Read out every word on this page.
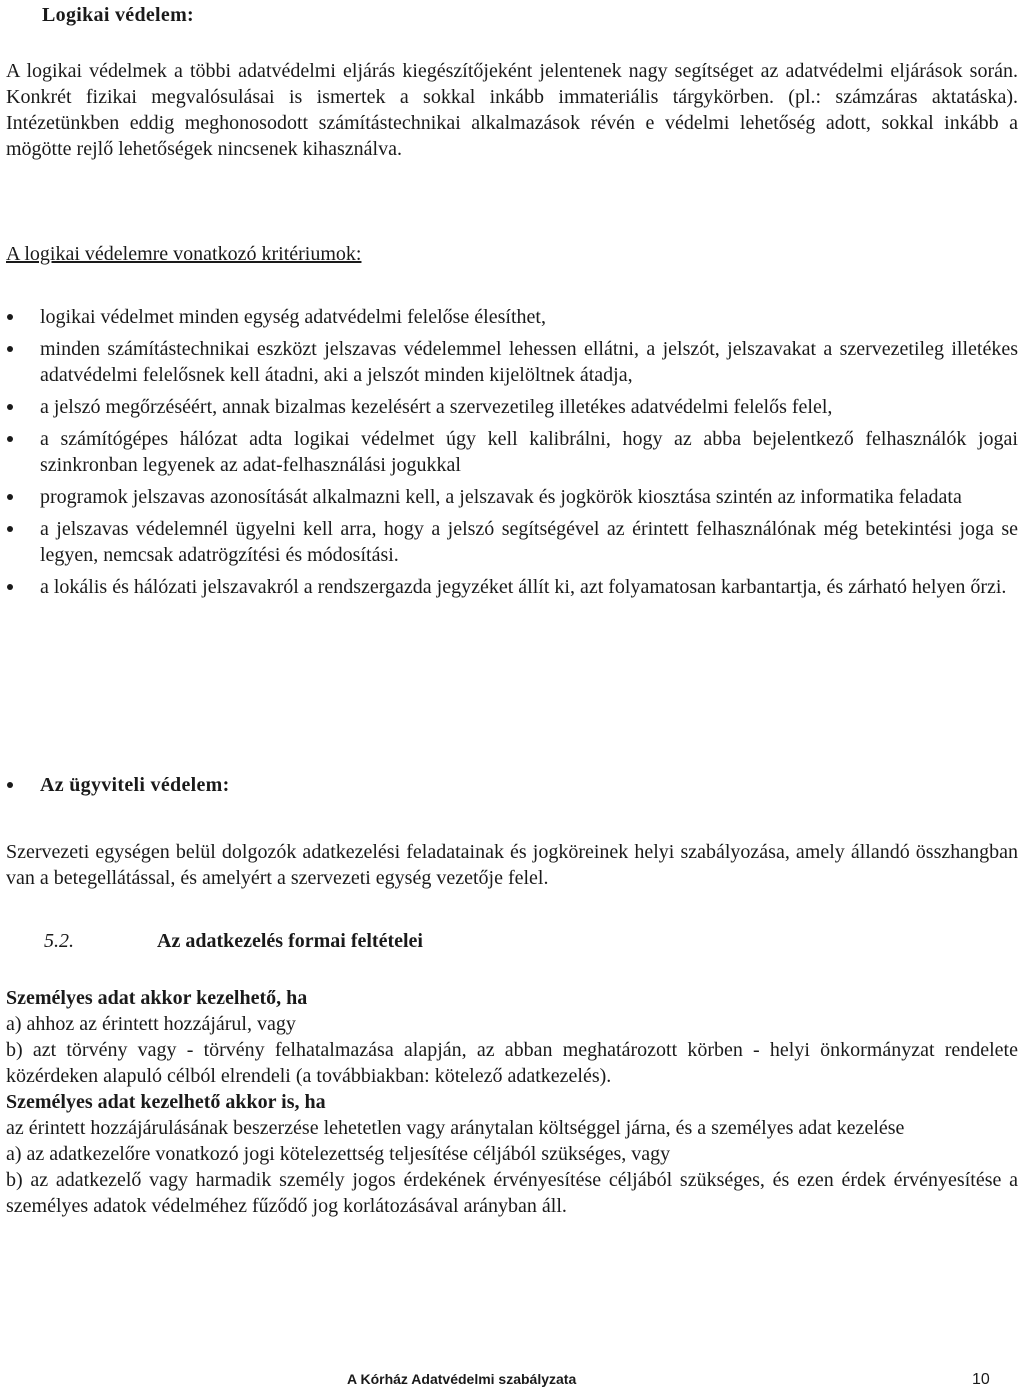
Logikai védelem:
A logikai védelmek a többi adatvédelmi eljárás kiegészítőjeként jelentenek nagy segítséget az adatvédelmi eljárások során. Konkrét fizikai megvalósulásai is ismertek a sokkal inkább immateriális tárgykörben. (pl.: számzáras aktatáska). Intézetünkben eddig meghonosodott számítástechnikai alkalmazások révén e védelmi lehetőség adott, sokkal inkább a mögötte rejlő lehetőségek nincsenek kihasználva.
A logikai védelemre vonatkozó kritériumok:
logikai védelmet minden egység adatvédelmi felelőse élesíthet,
minden számítástechnikai eszközt jelszavas védelemmel lehessen ellátni, a jelszót, jelszavakat a szervezetileg illetékes adatvédelmi felelősnek kell átadni, aki a jelszót minden kijelöltnek átadja,
a jelszó megőrzéséért, annak bizalmas kezelésért a szervezetileg illetékes adatvédelmi felelős felel,
a számítógépes hálózat adta logikai védelmet úgy kell kalibrálni, hogy az abba bejelentkező felhasználók jogai szinkronban legyenek az adat-felhasználási jogukkal
programok jelszavas azonosítását alkalmazni kell, a jelszavak és jogkörök kiosztása szintén az informatika feladata
a jelszavas védelemnél ügyelni kell arra, hogy a jelszó segítségével az érintett felhasználónak még betekintési joga se legyen, nemcsak adatrögzítési és módosítási.
a lokális és hálózati jelszavakról a rendszergazda jegyzéket állít ki, azt folyamatosan karbantartja, és zárható helyen őrzi.
Az ügyviteli védelem:
Szervezeti egységen belül dolgozók adatkezelési feladatainak és jogköreinek helyi szabályozása, amely állandó összhangban van a betegellátással, és amelyért a szervezeti egység vezetője felel.
5.2.	Az adatkezelés formai feltételei

Személyes adat akkor kezelhető, ha

a) ahhoz az érintett hozzájárul, vagy

b) azt törvény vagy - törvény felhatalmazása alapján, az abban meghatározott körben - helyi önkormányzat rendelete közérdeken alapuló célból elrendeli (a továbbiakban: kötelező adatkezelés).

Személyes adat kezelhető akkor is, ha

az érintett hozzájárulásának beszerzése lehetetlen vagy aránytalan költséggel járna, és a személyes adat kezelése

a) az adatkezelőre vonatkozó jogi kötelezettség teljesítése céljából szükséges, vagy

b) az adatkezelő vagy harmadik személy jogos érdekének érvényesítése céljából szükséges, és ezen érdek érvényesítése a személyes adatok védelméhez fűződő jog korlátozásával arányban áll.

A Kórház Adatvédelmi szabályzata	10
